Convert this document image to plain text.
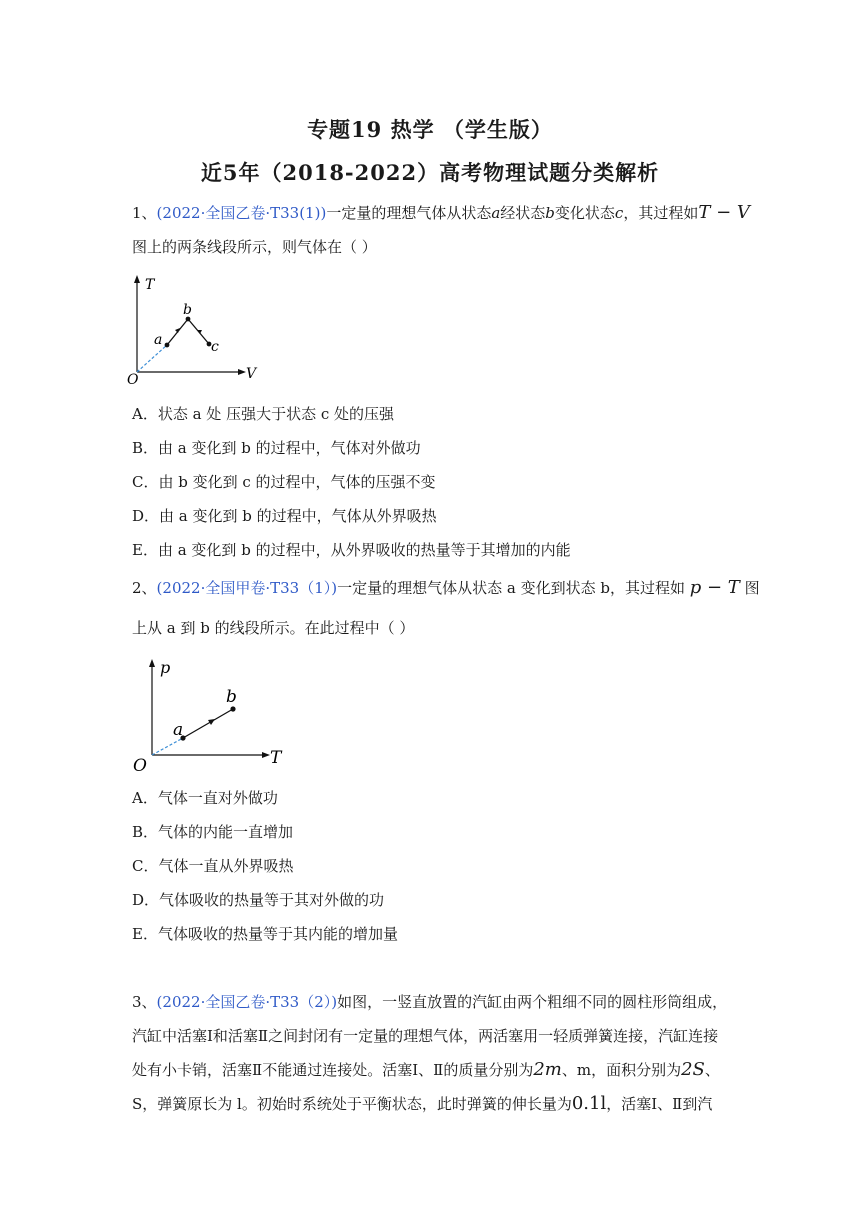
专题19 热学 （学生版）
近5年（2018-2022）高考物理试题分类解析
1、(2022·全国乙卷·T33(1))一定量的理想气体从状态a经状态b变化状态c，其过程如T − V
图上的两条线段所示，则气体在（ ）
T
V
O
a
b
c
A．状态 a 处 压强大于状态 c 处的压强
B．由 a 变化到 b 的过程中，气体对外做功
C．由 b 变化到 c 的过程中，气体的压强不变
D．由 a 变化到 b 的过程中，气体从外界吸热
E．由 a 变化到 b 的过程中，从外界吸收的热量等于其增加的内能
2、(2022·全国甲卷·T33（1）)一定量的理想气体从状态 a 变化到状态 b，其过程如 p − T 图
上从 a 到 b 的线段所示。在此过程中（ ）
p
T
O
a
b
A．气体一直对外做功
B．气体的内能一直增加
C．气体一直从外界吸热
D．气体吸收的热量等于其对外做的功
E．气体吸收的热量等于其内能的增加量
3、(2022·全国乙卷·T33（2）)如图，一竖直放置的汽缸由两个粗细不同的圆柱形筒组成，
汽缸中活塞Ⅰ和活塞Ⅱ之间封闭有一定量的理想气体，两活塞用一轻质弹簧连接，汽缸连接
处有小卡销，活塞Ⅱ不能通过连接处。活塞Ⅰ、Ⅱ的质量分别为2m、m，面积分别为2S、
S，弹簧原长为 l。初始时系统处于平衡状态，此时弹簧的伸长量为0.1l，活塞Ⅰ、Ⅱ到汽
